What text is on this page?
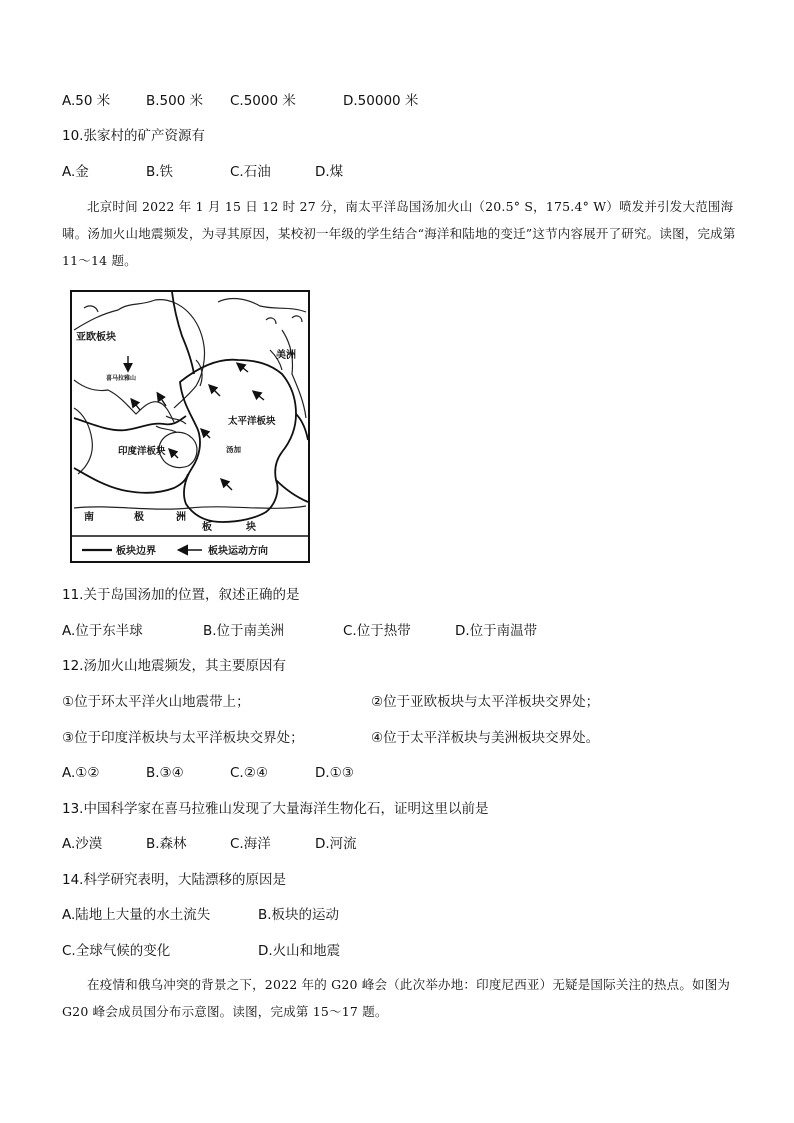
A.50 米	B.500 米 C.5000 米	D.50000 米
10.张家村的矿产资源有
A.金	B.铁	C.石油	D.煤
北京时间 2022 年 1 月 15 日 12 时 27 分，南太平洋岛国汤加火山（20.5° S，175.4° W）喷发并引发大范围海啸。汤加火山地震频发，为寻其原因，某校初一年级的学生结合“海洋和陆地的变迁”这节内容展开了研究。读图，完成第 11～14 题。
亚欧板块
喜马拉雅山
美洲
太平洋板块
汤加
印度洋板块
南	极	洲
板	块
板块边界	板块运动方向
11.关于岛国汤加的位置，叙述正确的是
A.位于东半球	B.位于南美洲	C.位于热带	D.位于南温带
12.汤加火山地震频发，其主要原因有
①位于环太平洋火山地震带上；	②位于亚欧板块与太平洋板块交界处；
③位于印度洋板块与太平洋板块交界处；	④位于太平洋板块与美洲板块交界处。
A.①②	B.③④	C.②④	D.①③
13.中国科学家在喜马拉雅山发现了大量海洋生物化石，证明这里以前是
A.沙漠	B.森林	C.海洋	D.河流
14.科学研究表明，大陆漂移的原因是
A.陆地上大量的水土流失	B.板块的运动
C.全球气候的变化	D.火山和地震
在疫情和俄乌冲突的背景之下，2022 年的 G20 峰会（此次举办地：印度尼西亚）无疑是国际关注的热点。如图为 G20 峰会成员国分布示意图。读图，完成第 15～17 题。
